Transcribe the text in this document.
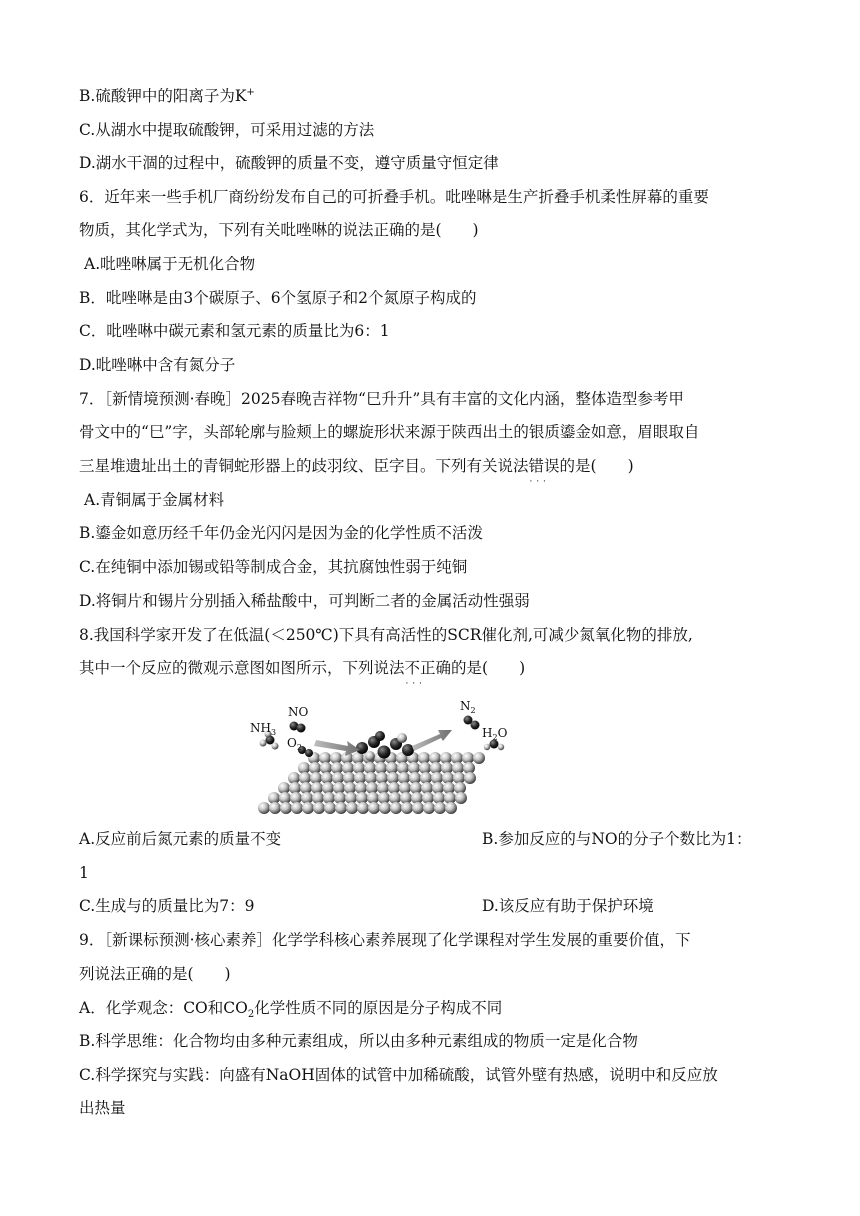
B.硫酸钾中的阳离子为K+
C.从湖水中提取硫酸钾，可采用过滤的方法
D.湖水干涸的过程中，硫酸钾的质量不变，遵守质量守恒定律
6．近年来一些手机厂商纷纷发布自己的可折叠手机。吡唑啉是生产折叠手机柔性屏幕的重要
物质，其化学式为，下列有关吡唑啉的说法正确的是(　　)
A.吡唑啉属于无机化合物
B．吡唑啉是由3个碳原子、6个氢原子和2个氮原子构成的
C．吡唑啉中碳元素和氢元素的质量比为6：1
D.吡唑啉中含有氮分子
7．［新情境预测·春晚］2025春晚吉祥物“巳升升”具有丰富的文化内涵，整体造型参考甲
骨文中的“巳”字，头部轮廓与脸颊上的螺旋形状来源于陕西出土的银质鎏金如意，眉眼取自
三星堆遗址出土的青铜蛇形器上的歧羽纹、臣字目。下列有关说法错误 · · ·的是(　　)
A.青铜属于金属材料
B.鎏金如意历经千年仍金光闪闪是因为金的化学性质不活泼
C.在纯铜中添加锡或铅等制成合金，其抗腐蚀性弱于纯铜
D.将铜片和锡片分别插入稀盐酸中，可判断二者的金属活动性强弱
8.我国科学家开发了在低温(＜250℃)下具有高活性的SCR催化剂,可减少氮氧化物的排放,
其中一个反应的微观示意图如图所示，下列说法不正确 · · ·的是(　　)
$NH_3$
NO
$O_2$
$N_2$
$H_2O$
A.反应前后氮元素的质量不变	B.参加反应的与NO的分子个数比为1：
1
C.生成与的质量比为7：9	D.该反应有助于保护环境
9．［新课标预测·核心素养］化学学科核心素养展现了化学课程对学生发展的重要价值，下
列说法正确的是(　　)
A．化学观念：CO和$CO_2$化学性质不同的原因是分子构成不同
B.科学思维：化合物均由多种元素组成，所以由多种元素组成的物质一定是化合物
C.科学探究与实践：向盛有NaOH固体的试管中加稀硫酸，试管外壁有热感，说明中和反应放
出热量
